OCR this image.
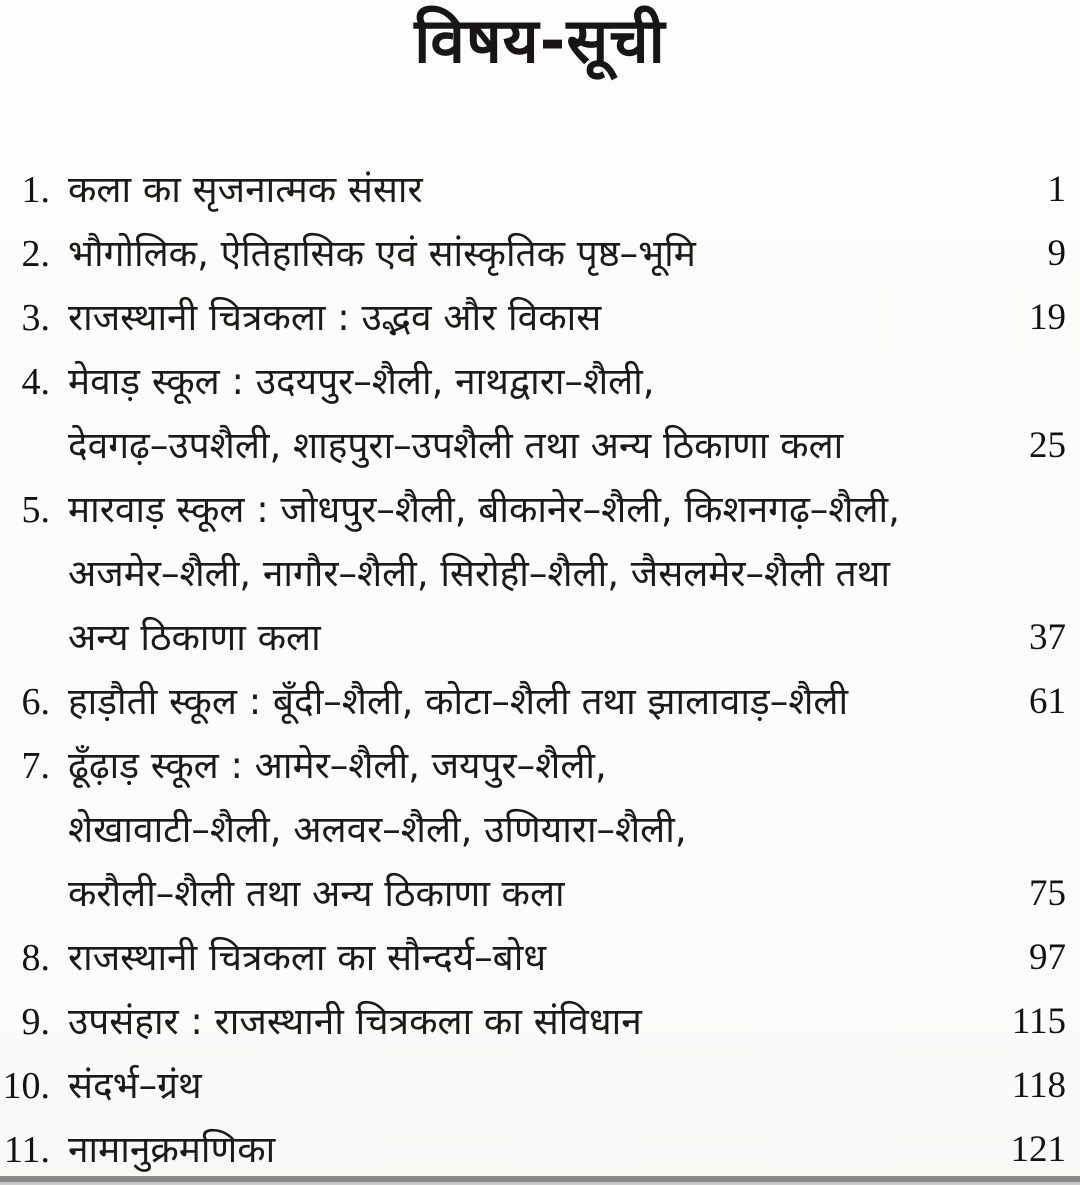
विषय-सूची
1. कला का सृजनात्मक संसार	1
2. भौगोलिक, ऐतिहासिक एवं सांस्कृतिक पृष्ठ–भूमि	9
3. राजस्थानी चित्रकला : उद्भव और विकास	19
4. मेवाड़ स्कूल : उदयपुर–शैली, नाथद्वारा–शैली,
देवगढ़–उपशैली, शाहपुरा–उपशैली तथा अन्य ठिकाणा कला	25
5. मारवाड़ स्कूल : जोधपुर–शैली, बीकानेर–शैली, किशनगढ़–शैली,
अजमेर–शैली, नागौर–शैली, सिरोही–शैली, जैसलमेर–शैली तथा
अन्य ठिकाणा कला	37
6. हाड़ौती स्कूल : बूँदी–शैली, कोटा–शैली तथा झालावाड़–शैली	61
7. ढूँढ़ाड़ स्कूल : आमेर–शैली, जयपुर–शैली,
शेखावाटी–शैली, अलवर–शैली, उणियारा–शैली,
करौली–शैली तथा अन्य ठिकाणा कला	75
8. राजस्थानी चित्रकला का सौन्दर्य–बोध	97
9. उपसंहार : राजस्थानी चित्रकला का संविधान	115
10. संदर्भ–ग्रंथ	118
11. नामानुक्रमणिका	121
